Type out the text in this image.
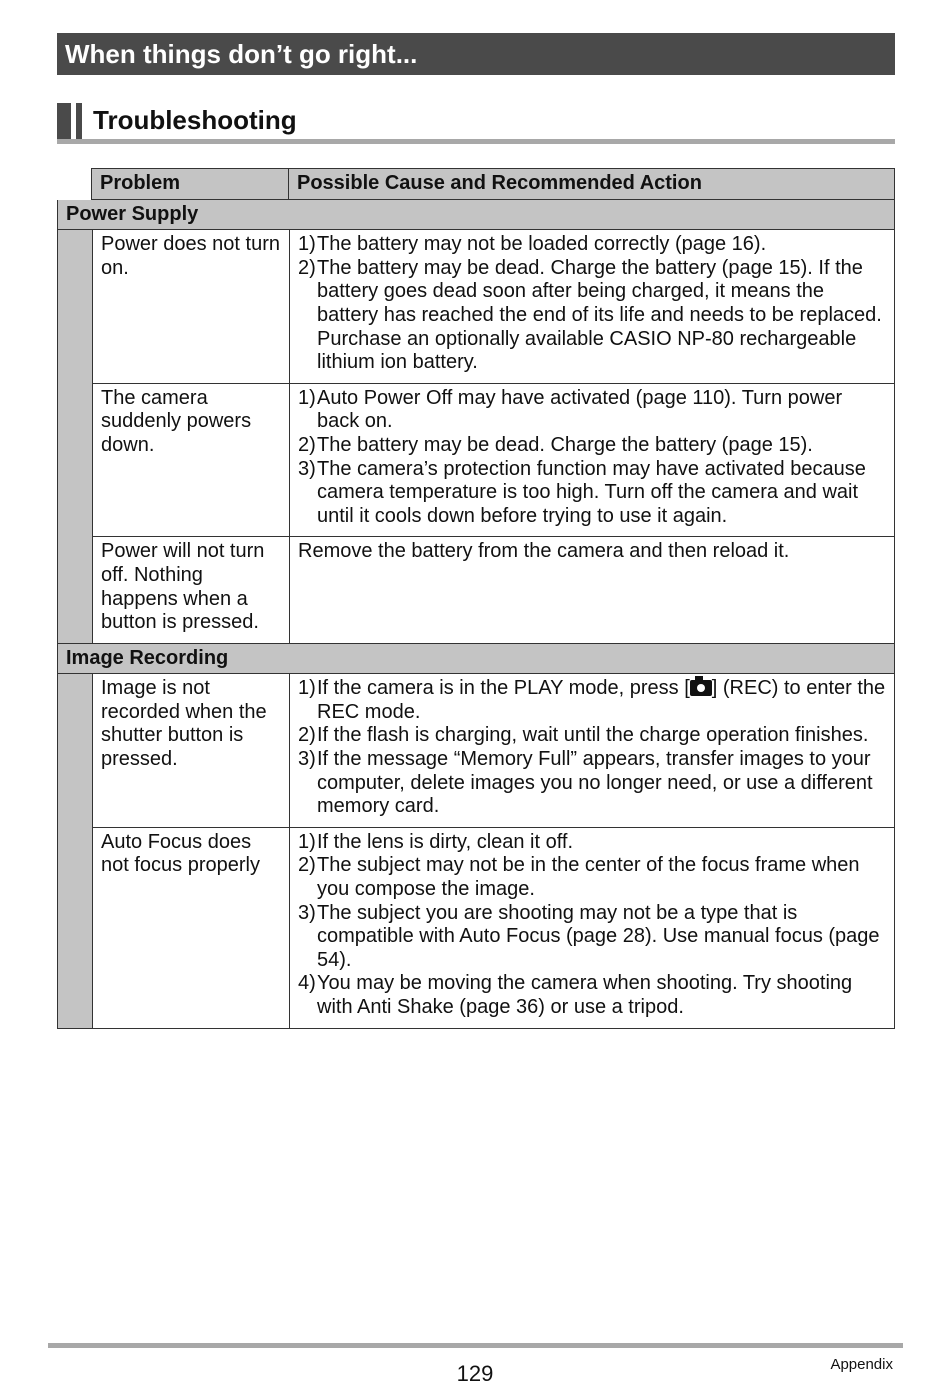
When things don’t go right...
Troubleshooting
Problem	Possible Cause and Recommended Action
Power Supply
Power does not turn on.
1) The battery may not be loaded correctly (page 16).
2) The battery may be dead. Charge the battery (page 15). If the battery goes dead soon after being charged, it means the battery has reached the end of its life and needs to be replaced. Purchase an optionally available CASIO NP-80 rechargeable lithium ion battery.
The camera suddenly powers down.
1) Auto Power Off may have activated (page 110). Turn power back on.
2) The battery may be dead. Charge the battery (page 15).
3) The camera’s protection function may have activated because camera temperature is too high. Turn off the camera and wait until it cools down before trying to use it again.
Power will not turn off. Nothing happens when a button is pressed.
Remove the battery from the camera and then reload it.
Image Recording
Image is not recorded when the shutter button is pressed.
1) If the camera is in the PLAY mode, press [ ] (REC) to enter the REC mode.
2) If the flash is charging, wait until the charge operation finishes.
3) If the message “Memory Full” appears, transfer images to your computer, delete images you no longer need, or use a different memory card.
Auto Focus does not focus properly
1) If the lens is dirty, clean it off.
2) The subject may not be in the center of the focus frame when you compose the image.
3) The subject you are shooting may not be a type that is compatible with Auto Focus (page 28). Use manual focus (page 54).
4) You may be moving the camera when shooting. Try shooting with Anti Shake (page 36) or use a tripod.
129	Appendix
